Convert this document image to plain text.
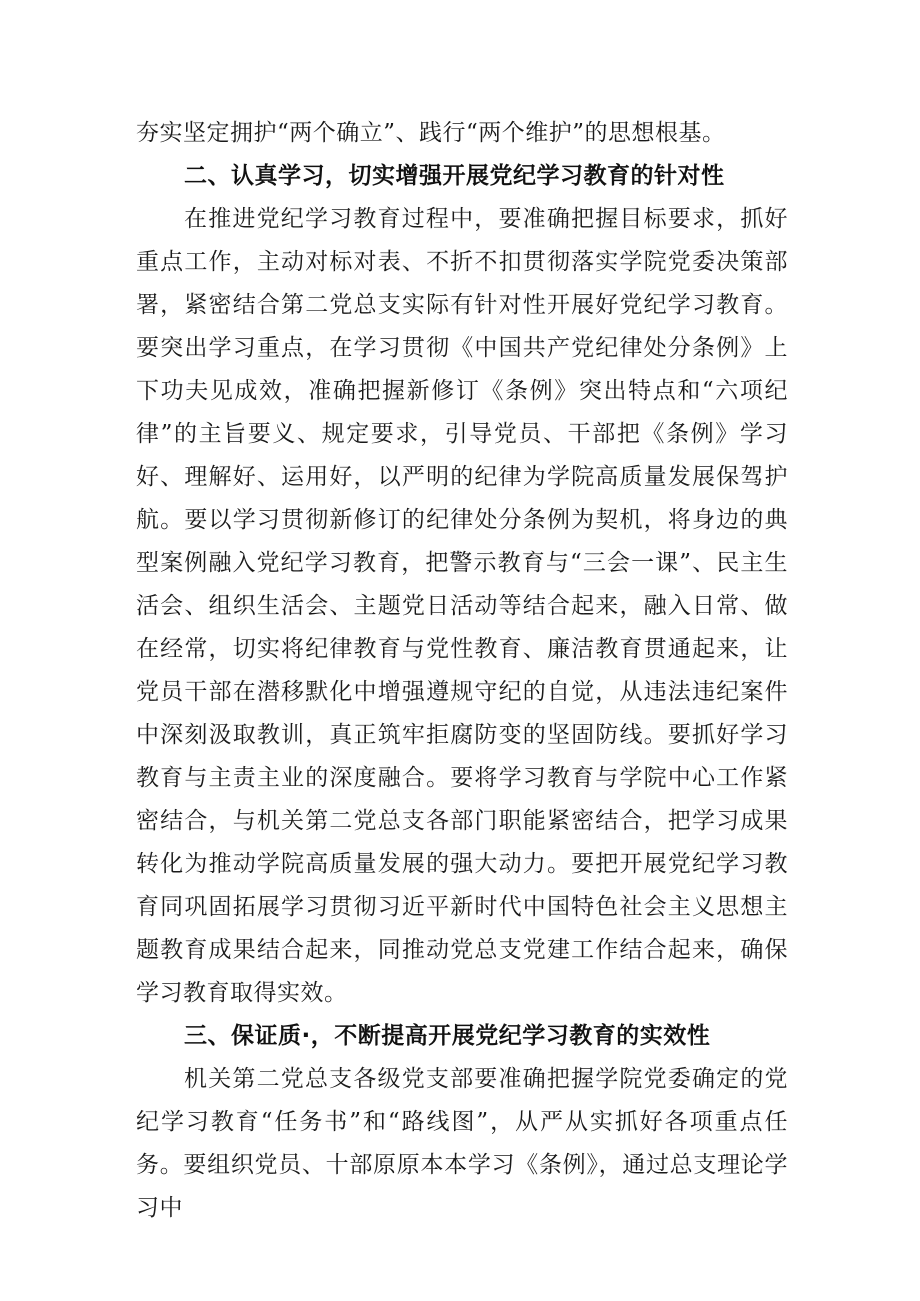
夯实坚定拥护“两个确立”、践行“两个维护”的思想根基。

二、认真学习，切实增强开展党纪学习教育的针对性

在推进党纪学习教育过程中，要准确把握目标要求，抓好重点工作，主动对标对表、不折不扣贯彻落实学院党委决策部署，紧密结合第二党总支实际有针对性开展好党纪学习教育。要突出学习重点，在学习贯彻《中国共产党纪律处分条例》上下功夫见成效，准确把握新修订《条例》突出特点和“六项纪律”的主旨要义、规定要求，引导党员、干部把《条例》学习好、理解好、运用好，以严明的纪律为学院高质量发展保驾护航。要以学习贯彻新修订的纪律处分条例为契机，将身边的典型案例融入党纪学习教育，把警示教育与“三会一课”、民主生活会、组织生活会、主题党日活动等结合起来，融入日常、做在经常，切实将纪律教育与党性教育、廉洁教育贯通起来，让党员干部在潜移默化中增强遵规守纪的自觉，从违法违纪案件中深刻汲取教训，真正筑牢拒腐防变的坚固防线。要抓好学习教育与主责主业的深度融合。要将学习教育与学院中心工作紧密结合，与机关第二党总支各部门职能紧密结合，把学习成果转化为推动学院高质量发展的强大动力。要把开展党纪学习教育同巩固拓展学习贯彻习近平新时代中国特色社会主义思想主题教育成果结合起来，同推动党总支党建工作结合起来，确保学习教育取得实效。

三、保证质·，不断提高开展党纪学习教育的实效性

机关第二党总支各级党支部要准确把握学院党委确定的党纪学习教育“任务书”和“路线图”，从严从实抓好各项重点任务。要组织党员、十部原原本本学习《条例》，通过总支理论学习中
